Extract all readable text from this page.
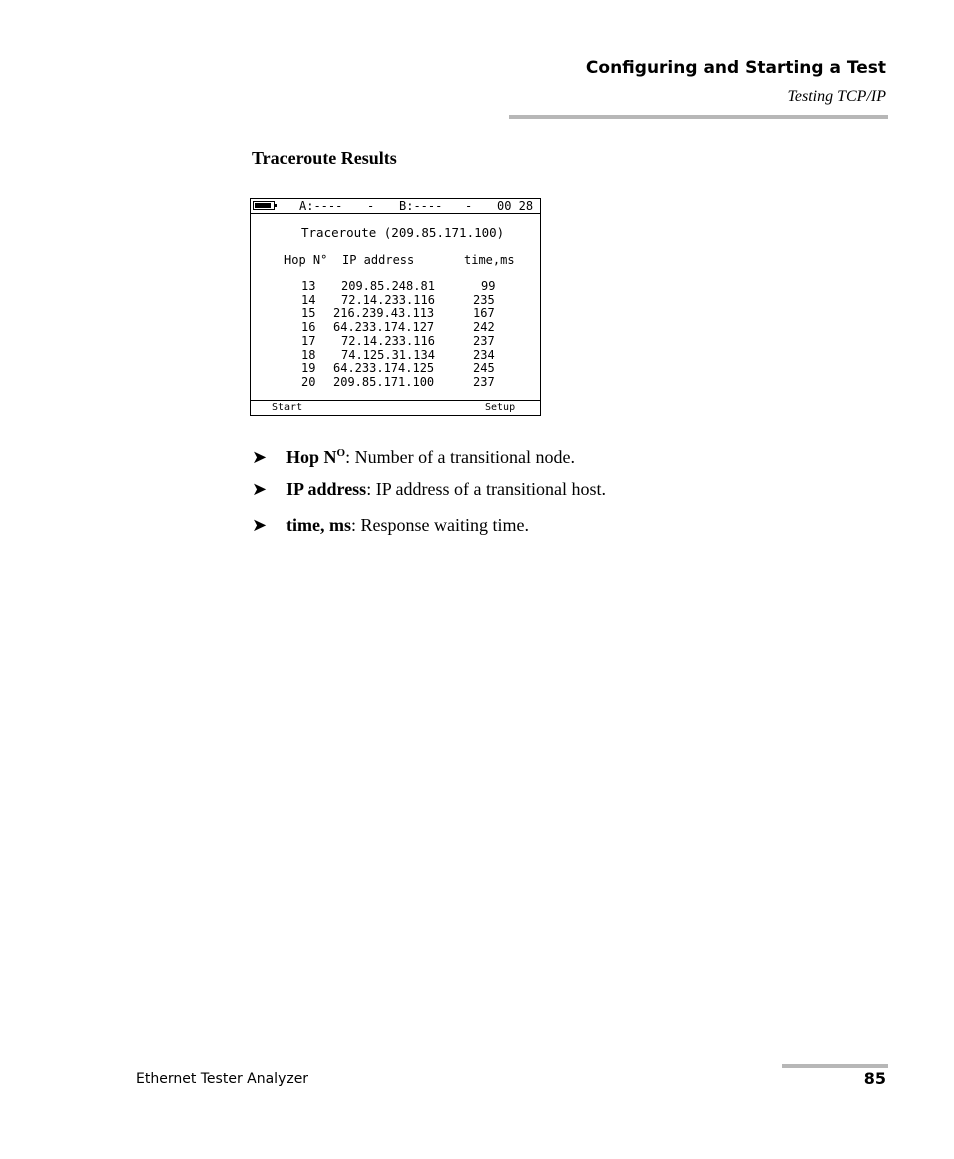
Configuring and Starting a Test
Testing TCP/IP
Traceroute Results
A:---- - B:---- - 00 28
Traceroute (209.85.171.100)
Hop N° IP address	time,ms
13 209.85.248.81	99
14 72.14.233.116	235
15 216.239.43.113	167
16 64.233.174.127	242
17 72.14.233.116	237
18 74.125.31.134	234
19 64.233.174.125	245
20 209.85.171.100	237
Start	Setup
➤ Hop $N^O$: Number of a transitional node.
➤ IP address: IP address of a transitional host.
➤ time, ms: Response waiting time.
Ethernet Tester Analyzer	85
